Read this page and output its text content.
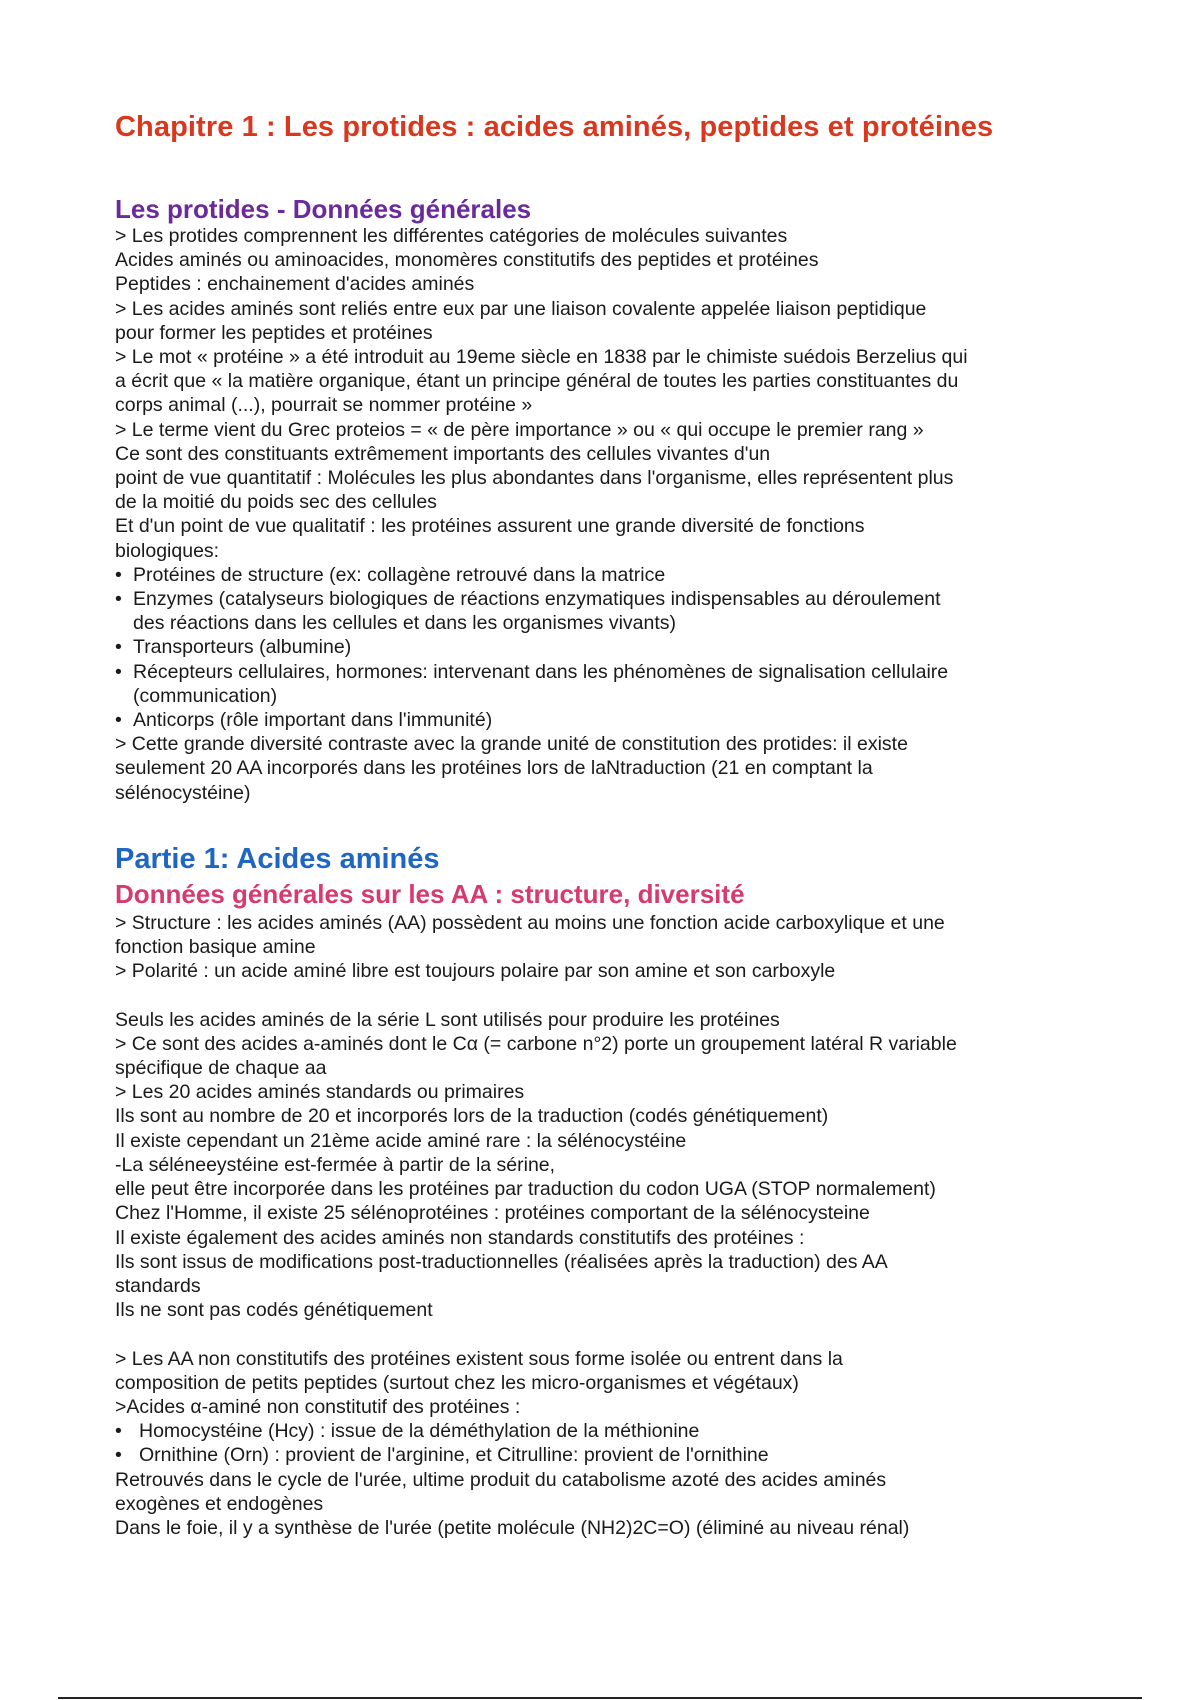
Chapitre 1 : Les protides : acides aminés, peptides et protéines
Les protides - Données générales
> Les protides comprennent les différentes catégories de molécules suivantes
Acides aminés ou aminoacides, monomères constitutifs des peptides et protéines
Peptides : enchainement d'acides aminés
> Les acides aminés sont reliés entre eux par une liaison covalente appelée liaison peptidique
pour former les peptides et protéines
> Le mot « protéine » a été introduit au 19eme siècle en 1838 par le chimiste suédois Berzelius qui
a écrit que « la matière organique, étant un principe général de toutes les parties constituantes du
corps animal (...), pourrait se nommer protéine »
> Le terme vient du Grec proteios = « de père importance » ou « qui occupe le premier rang »
Ce sont des constituants extrêmement importants des cellules vivantes d'un
point de vue quantitatif : Molécules les plus abondantes dans l'organisme, elles représentent plus
de la moitié du poids sec des cellules
Et d'un point de vue qualitatif : les protéines assurent une grande diversité de fonctions
biologiques:
• Protéines de structure (ex: collagène retrouvé dans la matrice
• Enzymes (catalyseurs biologiques de réactions enzymatiques indispensables au déroulement
des réactions dans les cellules et dans les organismes vivants)
• Transporteurs (albumine)
• Récepteurs cellulaires, hormones: intervenant dans les phénomènes de signalisation cellulaire
(communication)
• Anticorps (rôle important dans l'immunité)
> Cette grande diversité contraste avec la grande unité de constitution des protides: il existe
seulement 20 AA incorporés dans les protéines lors de laNtraduction (21 en comptant la
sélénocystéine)
Partie 1: Acides aminés
Données générales sur les AA : structure, diversité
> Structure : les acides aminés (AA) possèdent au moins une fonction acide carboxylique et une
fonction basique amine
> Polarité : un acide aminé libre est toujours polaire par son amine et son carboxyle
Seuls les acides aminés de la série L sont utilisés pour produire les protéines
> Ce sont des acides a-aminés dont le Cα (= carbone n°2) porte un groupement latéral R variable
spécifique de chaque aa
> Les 20 acides aminés standards ou primaires
Ils sont au nombre de 20 et incorporés lors de la traduction (codés génétiquement)
Il existe cependant un 21ème acide aminé rare : la sélénocystéine
-La séléneeystéine est-fermée à partir de la sérine,
elle peut être incorporée dans les protéines par traduction du codon UGA (STOP normalement)
Chez l'Homme, il existe 25 sélénoprotéines : protéines comportant de la sélénocysteine
Il existe également des acides aminés non standards constitutifs des protéines :
Ils sont issus de modifications post-traductionnelles (réalisées après la traduction) des AA
standards
Ils ne sont pas codés génétiquement
> Les AA non constitutifs des protéines existent sous forme isolée ou entrent dans la
composition de petits peptides (surtout chez les micro-organismes et végétaux)
>Acides α-aminé non constitutif des protéines :
• Homocystéine (Hcy) : issue de la déméthylation de la méthionine
• Ornithine (Orn) : provient de l'arginine, et Citrulline: provient de l'ornithine
Retrouvés dans le cycle de l'urée, ultime produit du catabolisme azoté des acides aminés
exogènes et endogènes
Dans le foie, il y a synthèse de l'urée (petite molécule (NH2)2C=O) (éliminé au niveau rénal)
